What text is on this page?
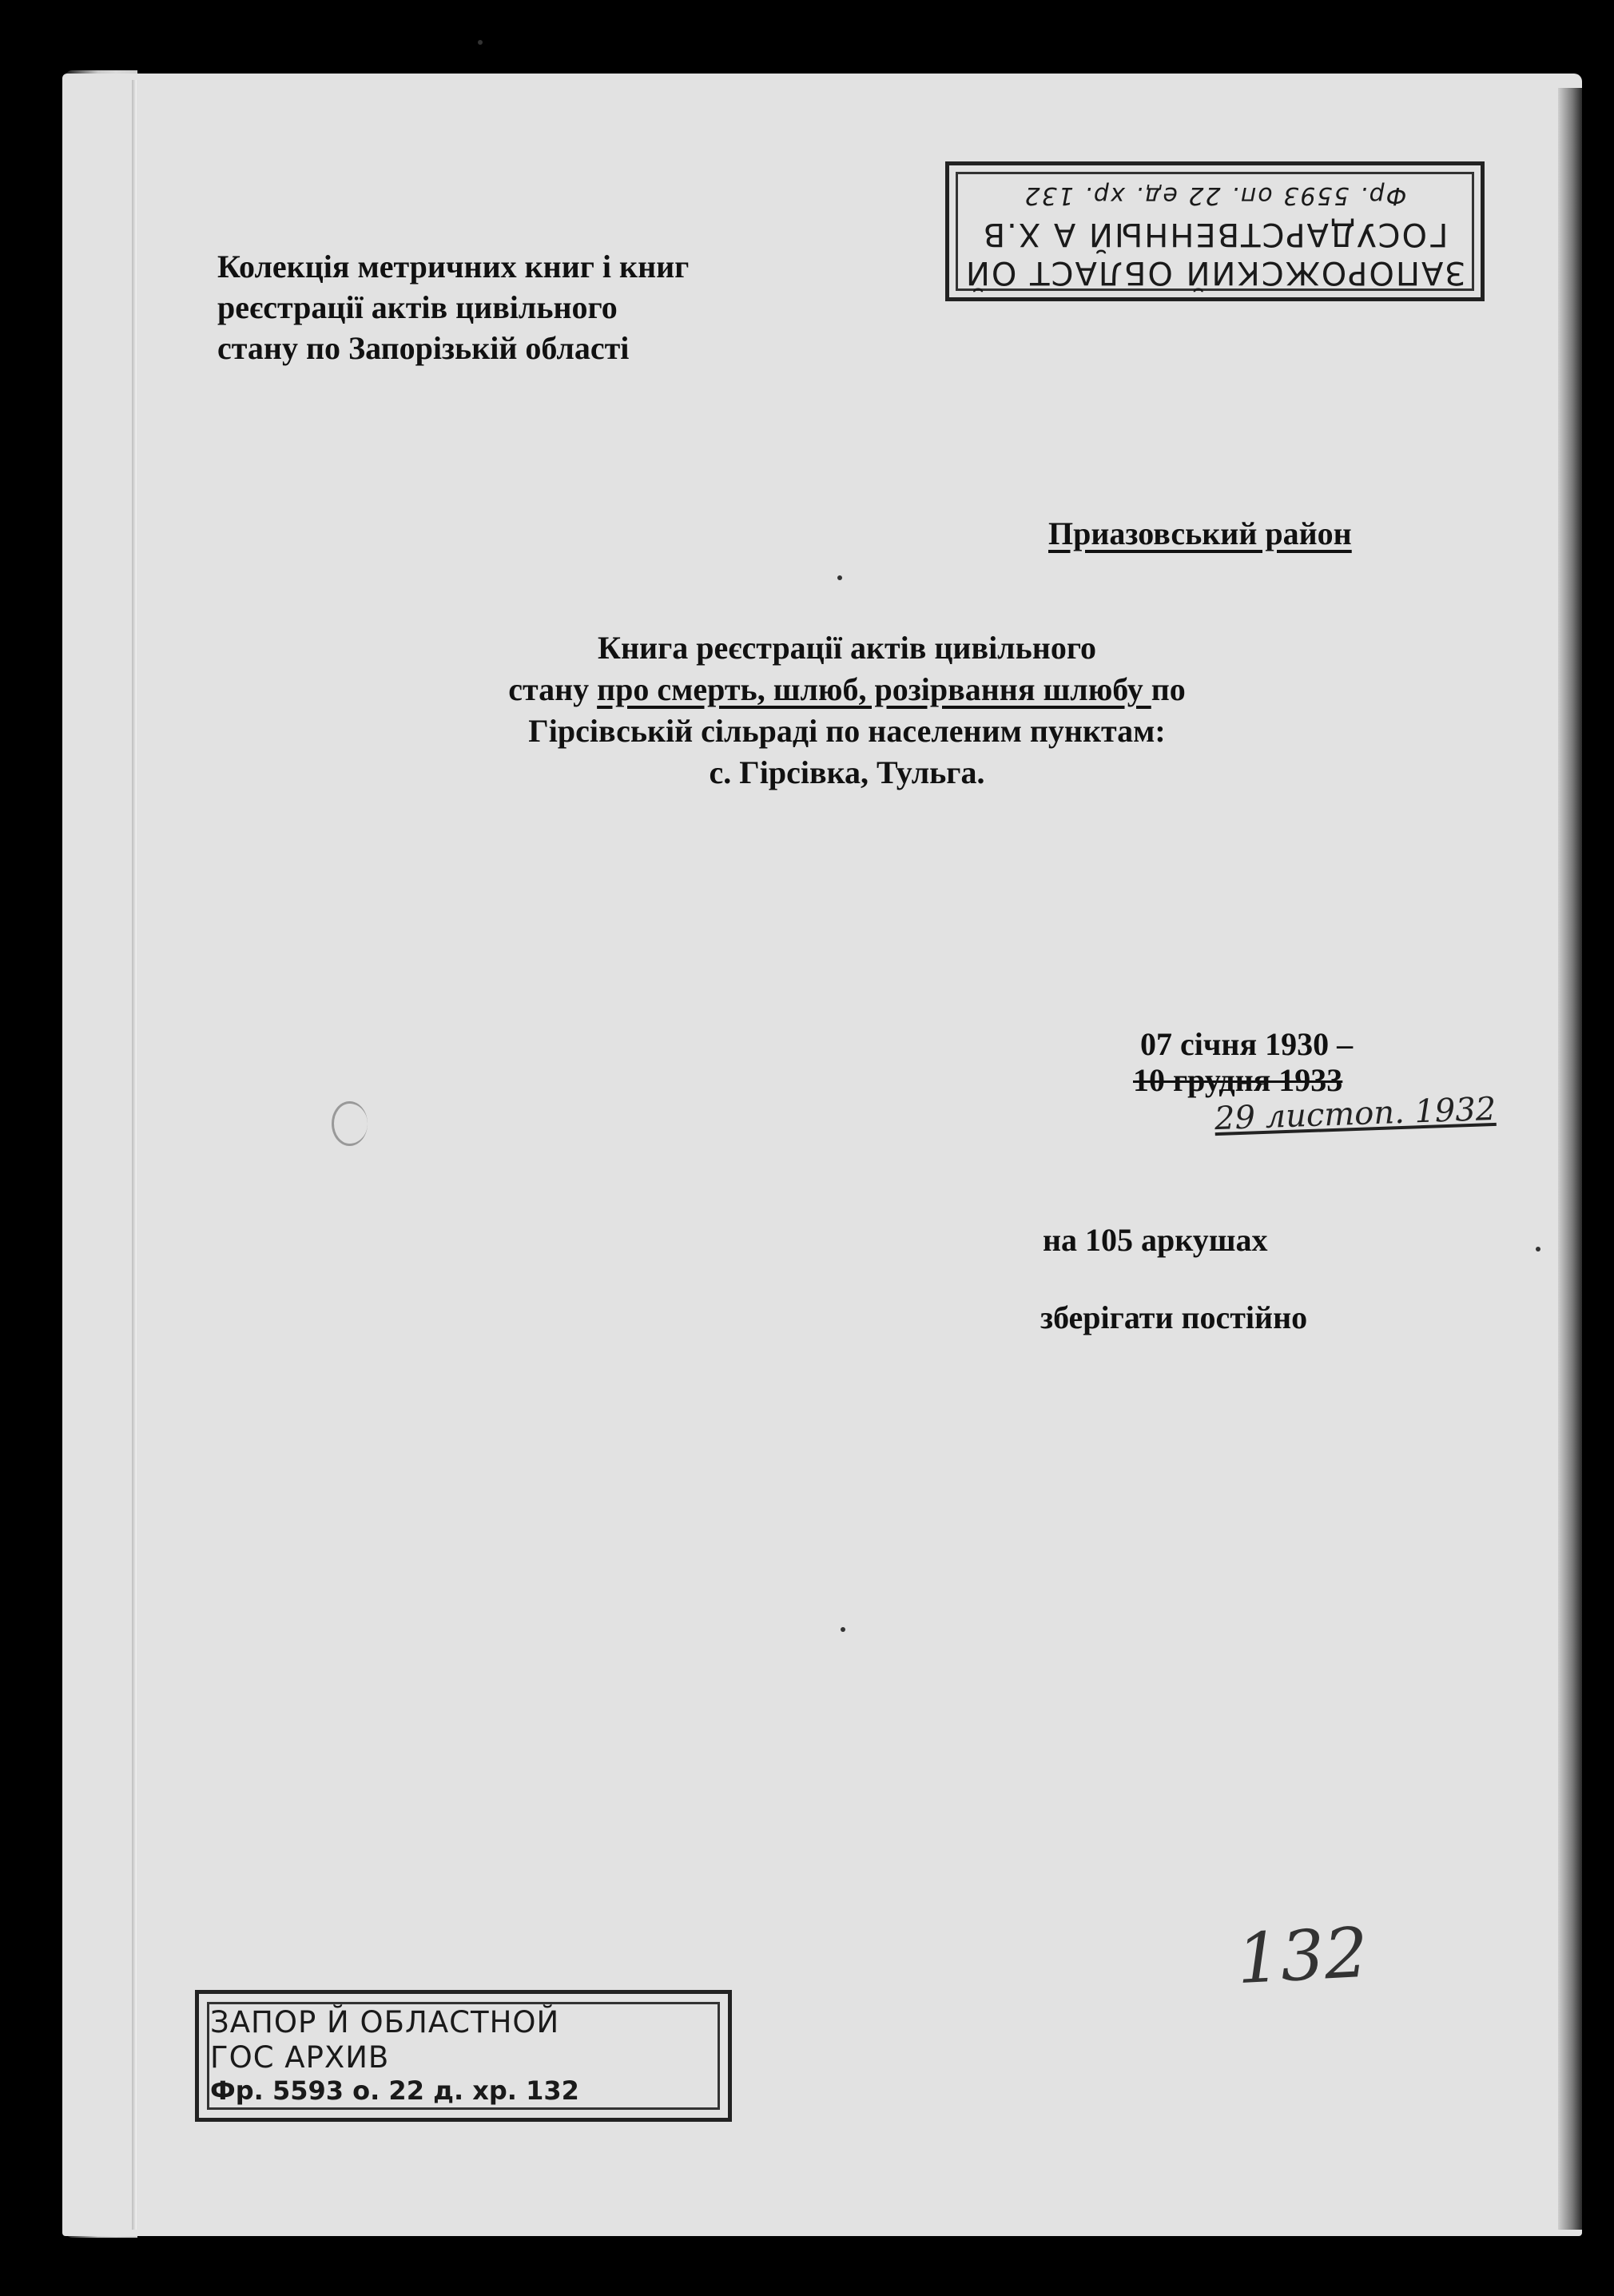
ЗАПОРОЖСКИЙ ОБЛАСТ ОЙ
ГОСУДАРСТВЕННЫЙ А Х.В
Фр. 5593 оп. 22 ед. хр. 132
Колекція метричних книг і книг
реєстрації актів цивільного
стану по Запорізькій області
Приазовський район
Книга реєстрації актів цивільного
стану про смерть, шлюб, розірвання шлюбу по
Гірсівській сільраді по населеним пунктам:
с. Гірсівка, Тульга.
07 січня 1930 –
10 грудня 1933
29 листоп. 1932
на 105 аркушах
зберігати постійно
132
ЗАПОР Й ОБЛАСТНОЙ
ГОС АРХИВ
Фр. 5593 о. 22 д. хр. 132
